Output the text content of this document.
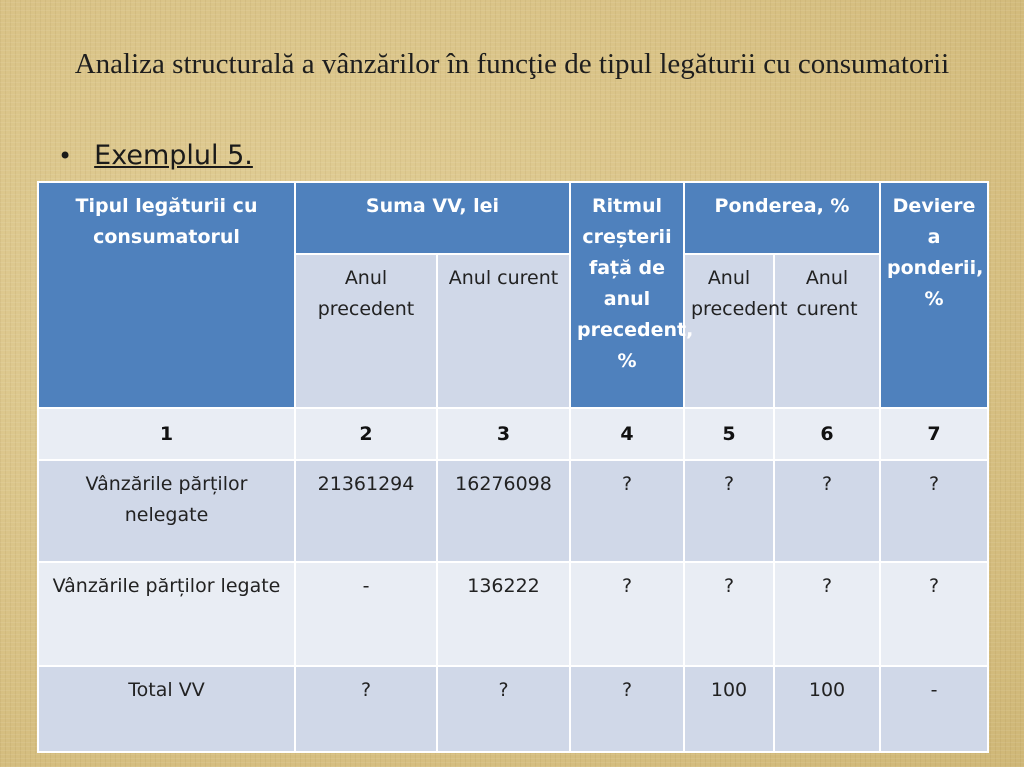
Analiza structurală a vânzărilor în funcţie de tipul legăturii cu consumatorii
• Exemplul 5.
Tipul legăturii cu consumatorul	Suma VV, lei		Ritmul creșterii față de anul precedent, %	Ponderea, %		Deviere a ponderii, %
	Anul precedent	Anul curent		Anul precedent	Anul curent	
1	2	3	4	5	6	7
Vânzările părților nelegate	21361294	16276098	?	?	?	?
Vânzările părților legate	-	136222	?	?	?	?
Total VV	?	?	?	100	100	-
